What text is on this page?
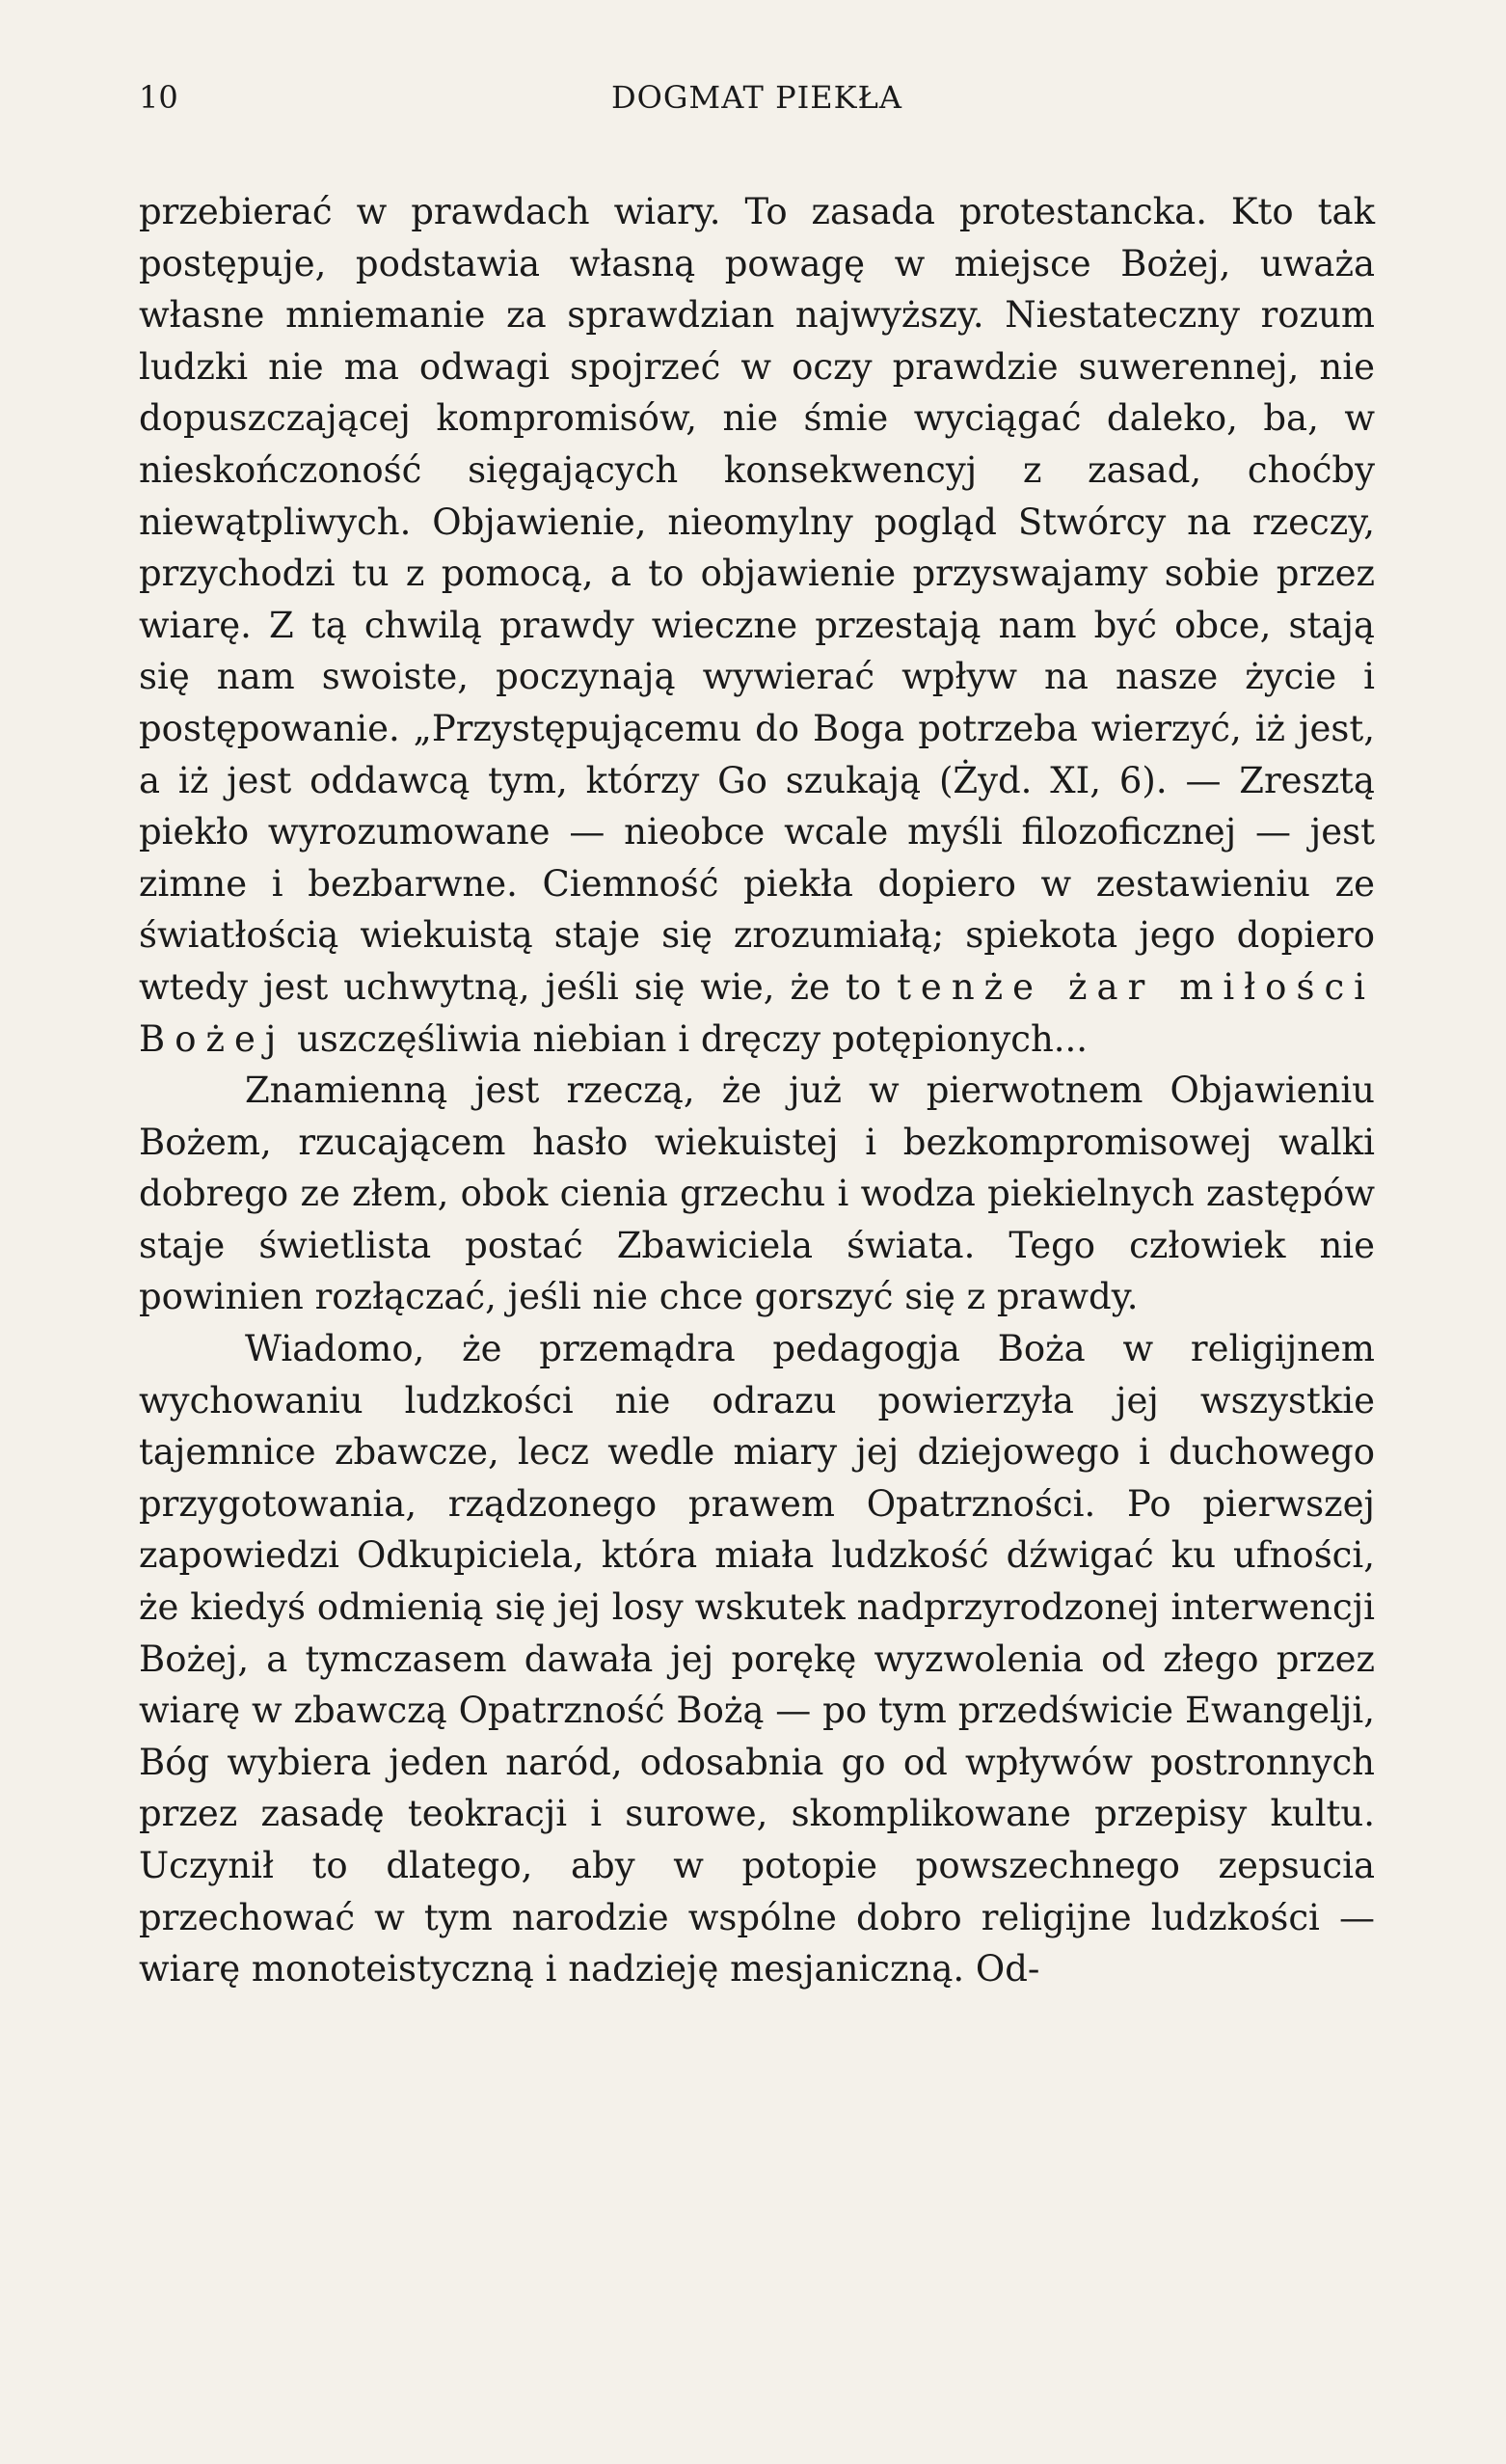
10	DOGMAT PIEKŁA

przebierać w prawdach wiary. To zasada protestancka. Kto tak postępuje, podstawia własną powagę w miejsce Bożej, uważa własne mniemanie za sprawdzian najwyższy. Niestateczny rozum ludzki nie ma odwagi spojrzeć w oczy prawdzie suwerennej, nie dopuszczającej kompromisów, nie śmie wyciągać daleko, ba, w nieskończoność sięgających konsekwencyj z zasad, choćby niewątpliwych. Objawienie, nieomylny pogląd Stwórcy na rzeczy, przychodzi tu z pomocą, a to objawienie przyswajamy sobie przez wiarę. Z tą chwilą prawdy wieczne przestają nam być obce, stają się nam swoiste, poczynają wywierać wpływ na nasze życie i postępowanie. „Przystępującemu do Boga potrzeba wierzyć, iż jest, a iż jest oddawcą tym, którzy Go szukają (Żyd. XI, 6). — Zresztą piekło wyrozumowane — nieobce wcale myśli filozoficznej — jest zimne i bezbarwne. Ciemność piekła dopiero w zestawieniu ze światłością wiekuistą staje się zrozumiałą; spiekota jego dopiero wtedy jest uchwytną, jeśli się wie, że to tenże żar miłości Bożej uszczęśliwia niebian i dręczy potępionych...

Znamienną jest rzeczą, że już w pierwotnem Objawieniu Bożem, rzucającem hasło wiekuistej i bezkompromisowej walki dobrego ze złem, obok cienia grzechu i wodza piekielnych zastępów staje świetlista postać Zbawiciela świata. Tego człowiek nie powinien rozłączać, jeśli nie chce gorszyć się z prawdy.

Wiadomo, że przemądra pedagogja Boża w religijnem wychowaniu ludzkości nie odrazu powierzyła jej wszystkie tajemnice zbawcze, lecz wedle miary jej dziejowego i duchowego przygotowania, rządzonego prawem Opatrzności. Po pierwszej zapowiedzi Odkupiciela, która miała ludzkość dźwigać ku ufności, że kiedyś odmienią się jej losy wskutek nadprzyrodzonej interwencji Bożej, a tymczasem dawała jej porękę wyzwolenia od złego przez wiarę w zbawczą Opatrzność Bożą — po tym przedświcie Ewangelji, Bóg wybiera jeden naród, odosabnia go od wpływów postronnych przez zasadę teokracji i surowe, skomplikowane przepisy kultu. Uczynił to dlatego, aby w potopie powszechnego zepsucia przechować w tym narodzie wspólne dobro religijne ludzkości — wiarę monoteistyczną i nadzieję mesjaniczną. Od-
